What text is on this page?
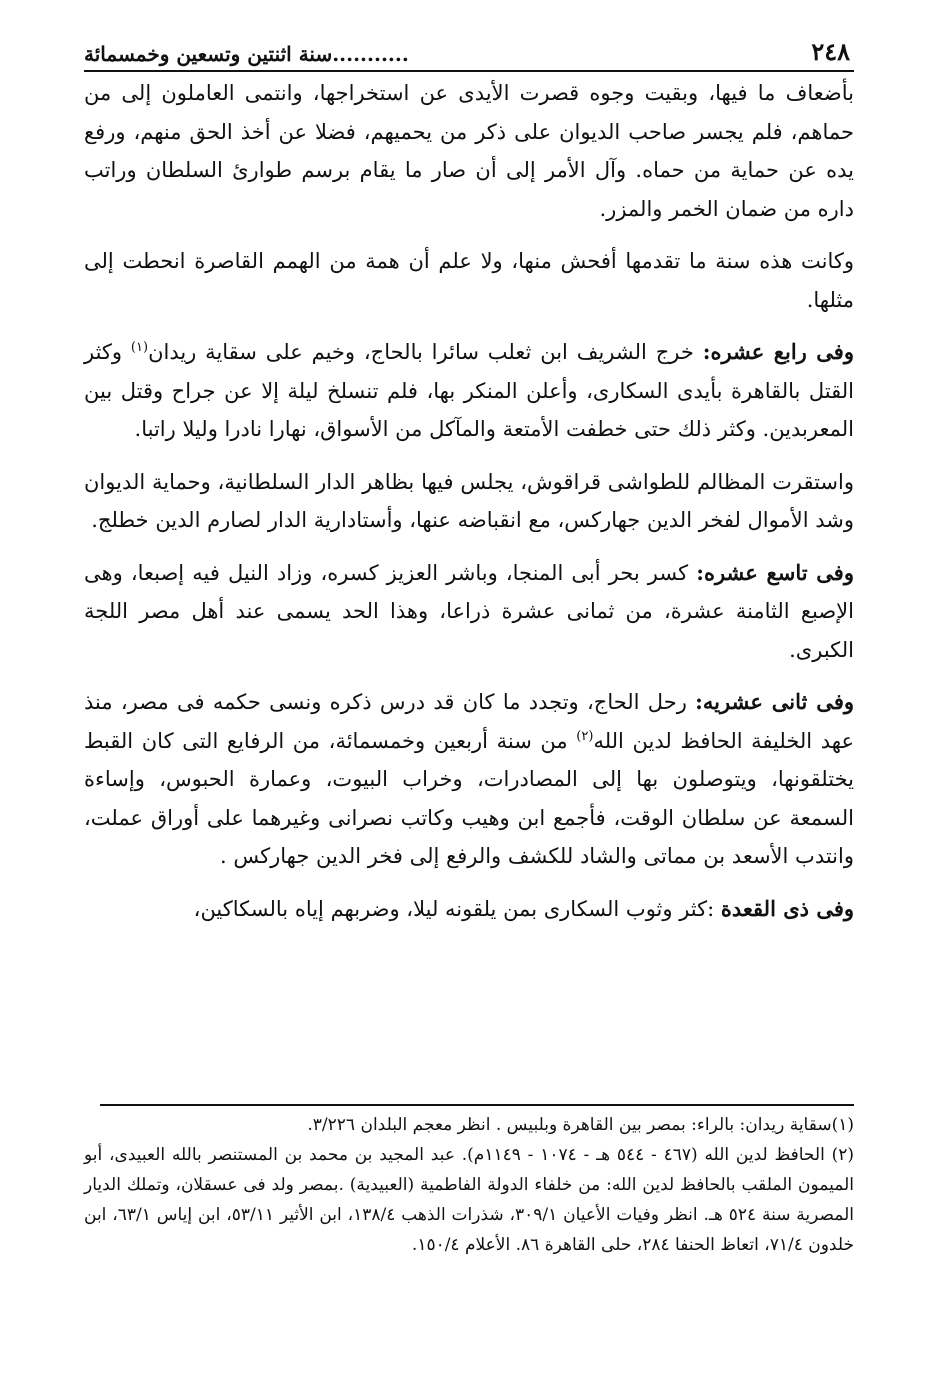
٢٤٨
...........سنة اثنتين وتسعين وخمسمائة

بأضعاف ما فيها، وبقيت وجوه قصرت الأيدى عن استخراجها، وانتمى العاملون إلى من حماهم، فلم يجسر صاحب الديوان على ذكر من يحميهم، فضلا عن أخذ الحق منهم، ورفع يده عن حماية من حماه. وآل الأمر إلى أن صار ما يقام برسم طوارئ السلطان وراتب داره من ضمان الخمر والمزر.

وكانت هذه سنة ما تقدمها أفحش منها، ولا علم أن همة من الهمم القاصرة انحطت إلى مثلها.

وفى رابع عشره: خرج الشريف ابن ثعلب سائرا بالحاج، وخيم على سقاية ريدان$^{(١)}$ وكثر القتل بالقاهرة بأيدى السكارى، وأعلن المنكر بها، فلم تنسلخ ليلة إلا عن جراح وقتل بين المعربدين. وكثر ذلك حتى خطفت الأمتعة والمآكل من الأسواق، نهارا نادرا وليلا راتبا.

واستقرت المظالم للطواشى قراقوش، يجلس فيها بظاهر الدار السلطانية، وحماية الديوان وشد الأموال لفخر الدين جهاركس، مع انقباضه عنها، وأستادارية الدار لصارم الدين خطلج.

وفى تاسع عشره: كسر بحر أبى المنجا، وباشر العزيز كسره، وزاد النيل فيه إصبعا، وهى الإصبع الثامنة عشرة، من ثمانى عشرة ذراعا، وهذا الحد يسمى عند أهل مصر اللجة الكبرى.

وفى ثانى عشريه: رحل الحاج، وتجدد ما كان قد درس ذكره ونسى حكمه فى مصر، منذ عهد الخليفة الحافظ لدين الله$^{(٢)}$ من سنة أربعين وخمسمائة، من الرفايع التى كان القبط يختلقونها، ويتوصلون بها إلى المصادرات، وخراب البيوت، وعمارة الحبوس، وإساءة السمعة عن سلطان الوقت، فأجمع ابن وهيب وكاتب نصرانى وغيرهما على أوراق عملت، وانتدب الأسعد بن مماتى والشاد للكشف والرفع إلى فخر الدين جهاركس .

وفى ذى القعدة :كثر وثوب السكارى بمن يلقونه ليلا، وضربهم إياه بالسكاكين،

(١)سقاية ريدان: بالراء: بمصر بين القاهرة وبلبيس . انظر معجم البلدان ٣/٢٢٦.

(٢) الحافظ لدين الله (٤٦٧ - ٥٤٤ هـ - ١٠٧٤ - ١١٤٩م). عبد المجيد بن محمد بن المستنصر بالله العبيدى، أبو الميمون الملقب بالحافظ لدين الله: من خلفاء الدولة الفاطمية (العبيدية) .بمصر ولد فى عسقلان، وتملك الديار المصرية سنة ٥٢٤ هـ. انظر وفيات الأعيان ٣٠٩/١، شذرات الذهب ١٣٨/٤، ابن الأثير ٥٣/١١، ابن إياس ٦٣/١، ابن خلدون ٧١/٤، اتعاظ الحنفا ٢٨٤، حلى القاهرة ٨٦. الأعلام ١٥٠/٤.
